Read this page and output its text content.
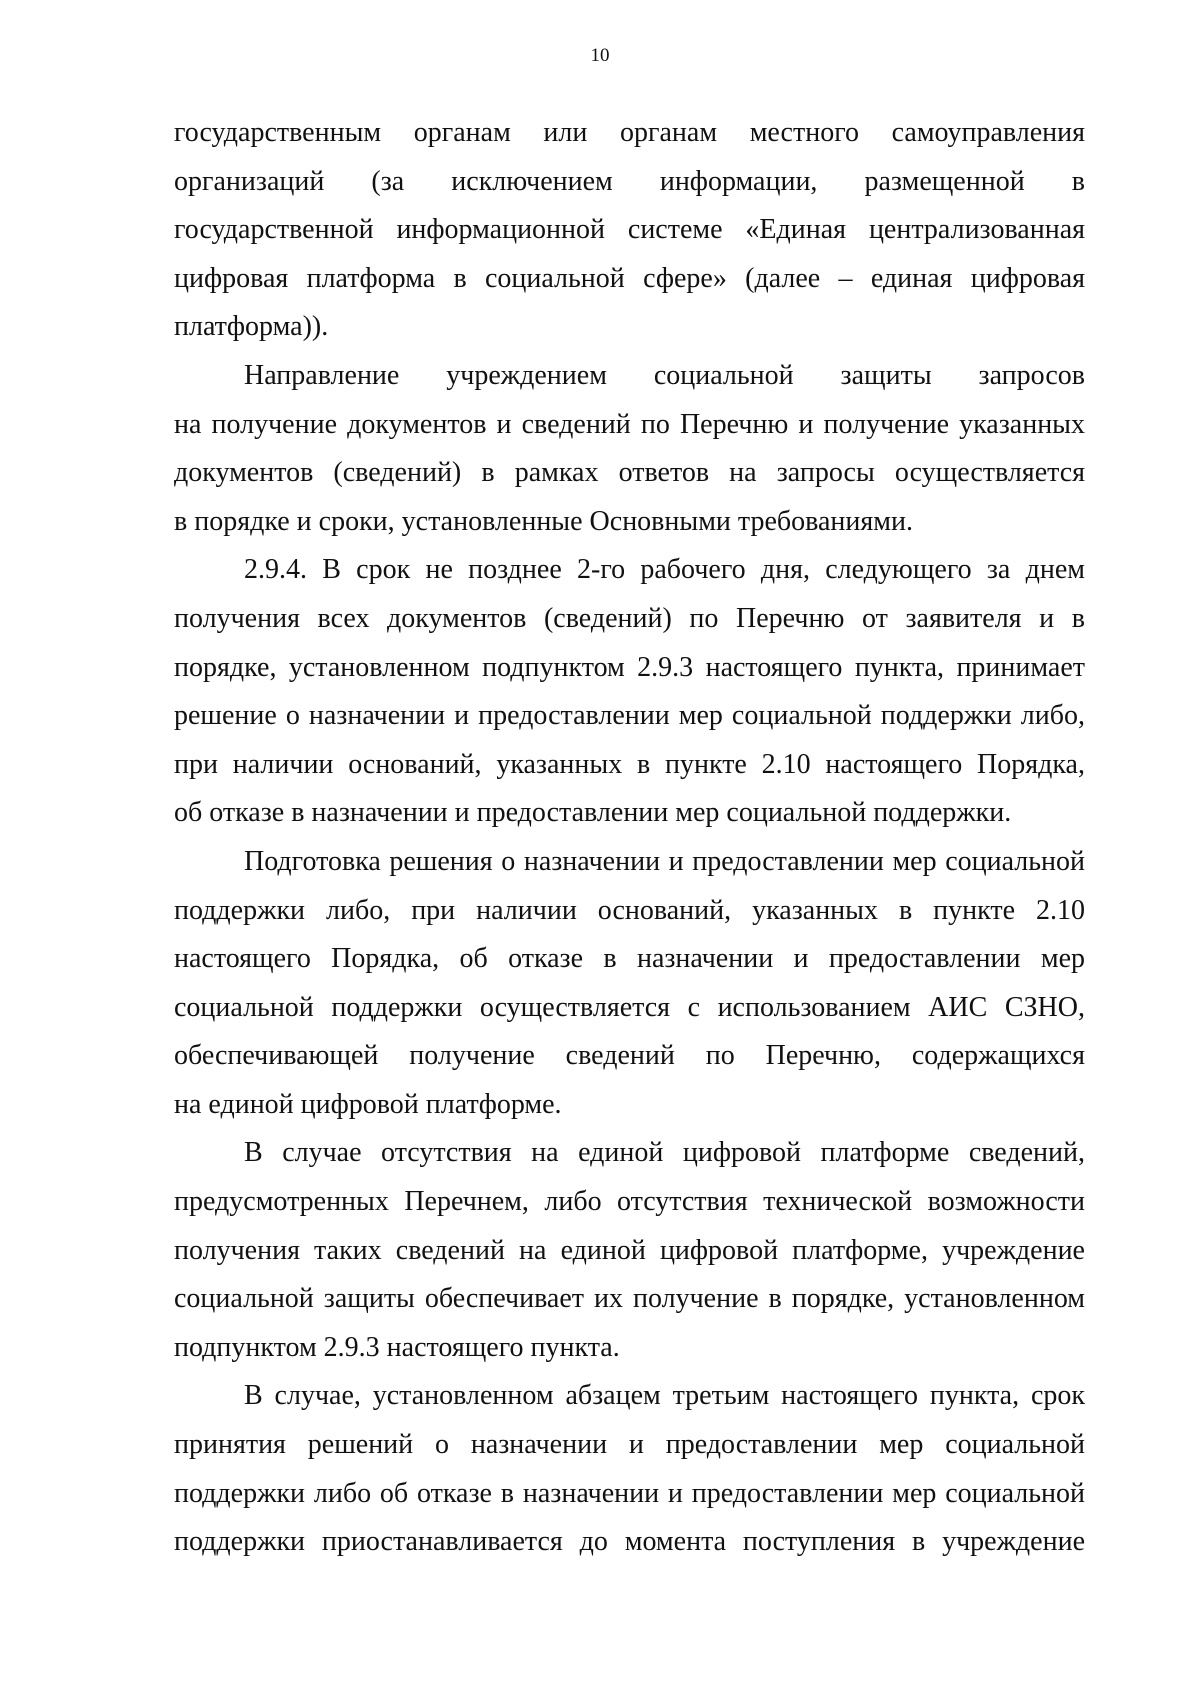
10

государственным органам или органам местного самоуправления
организаций (за исключением информации, размещенной в
государственной информационной системе «Единая централизованная
цифровая платформа в социальной сфере» (далее – единая цифровая
платформа)).

Направление учреждением социальной защиты запросов
на получение документов и сведений по Перечню и получение указанных
документов (сведений) в рамках ответов на запросы осуществляется
в порядке и сроки, установленные Основными требованиями.

2.9.4. В срок не позднее 2-го рабочего дня, следующего за днем
получения всех документов (сведений) по Перечню от заявителя и в
порядке, установленном подпунктом 2.9.3 настоящего пункта, принимает
решение о назначении и предоставлении мер социальной поддержки либо,
при наличии оснований, указанных в пункте 2.10 настоящего Порядка,
об отказе в назначении и предоставлении мер социальной поддержки.

Подготовка решения о назначении и предоставлении мер социальной
поддержки либо, при наличии оснований, указанных в пункте 2.10
настоящего Порядка, об отказе в назначении и предоставлении мер
социальной поддержки осуществляется с использованием АИС СЗНО,
обеспечивающей получение сведений по Перечню, содержащихся
на единой цифровой платформе.

В случае отсутствия на единой цифровой платформе сведений,
предусмотренных Перечнем, либо отсутствия технической возможности
получения таких сведений на единой цифровой платформе, учреждение
социальной защиты обеспечивает их получение в порядке, установленном
подпунктом 2.9.3 настоящего пункта.

В случае, установленном абзацем третьим настоящего пункта, срок
принятия решений о назначении и предоставлении мер социальной
поддержки либо об отказе в назначении и предоставлении мер социальной
поддержки приостанавливается до момента поступления в учреждение
